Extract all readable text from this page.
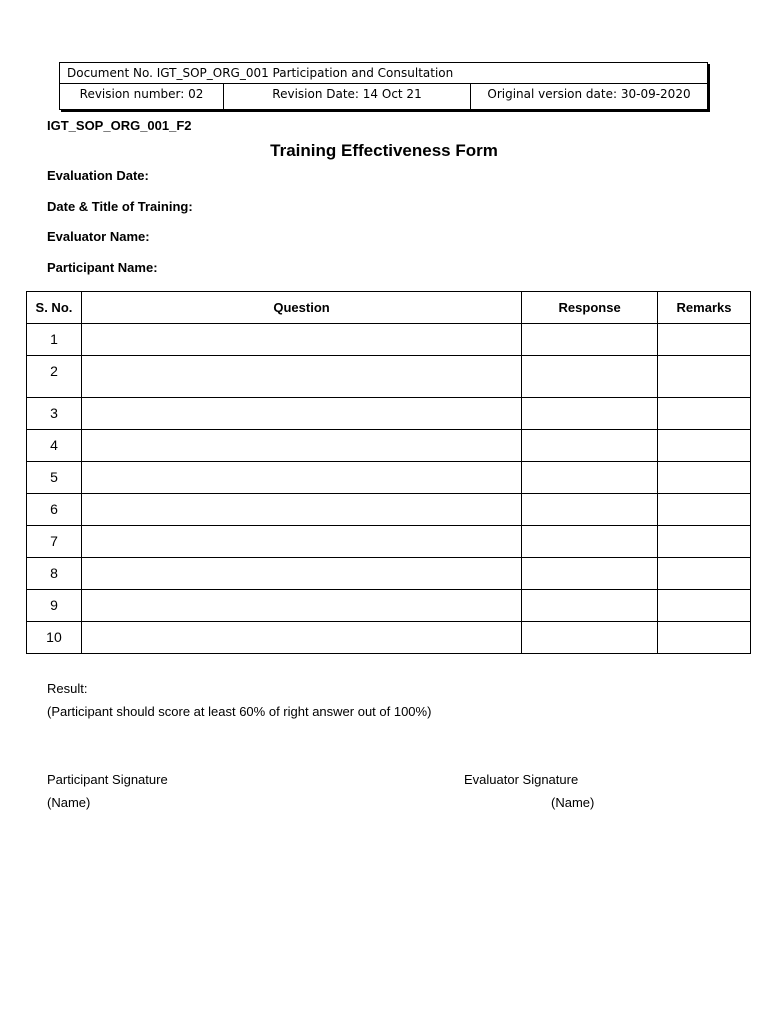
Document No. IGT_SOP_ORG_001 Participation and Consultation
Revision number: 02	Revision Date: 14 Oct 21	Original version date: 30-09-2020
IGT_SOP_ORG_001_F2
Training Effectiveness Form
Evaluation Date:
Date & Title of Training:
Evaluator Name:
Participant Name:
S. No.	Question	Response	Remarks
1			
2			
3			
4			
5			
6			
7			
8			
9			
10			
Result:
(Participant should score at least 60% of right answer out of 100%)
Participant Signature
(Name)
Evaluator Signature
(Name)
